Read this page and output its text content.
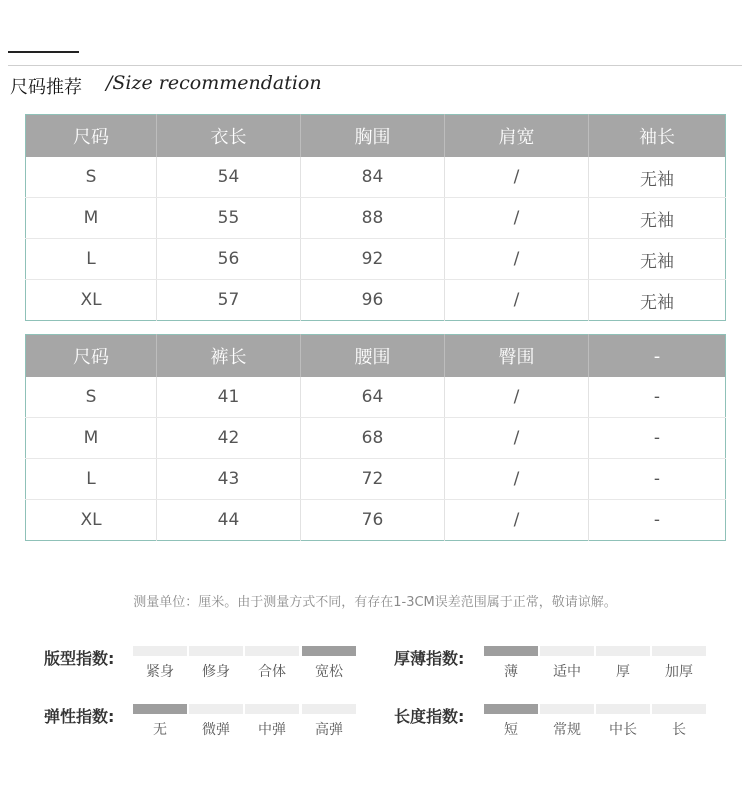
尺码推荐 /Size recommendation
尺码	衣长	胸围	肩宽	袖长
S	54	84	/	无袖
M	55	88	/	无袖
L	56	92	/	无袖
XL	57	96	/	无袖
尺码	裤长	腰围	臀围	-
S	41	64	/	-
M	42	68	/	-
L	43	72	/	-
XL	44	76	/	-
测量单位：厘米。由于测量方式不同，有存在1-3CM误差范围属于正常，敬请谅解。
版型指数:
紧身	修身	合体	宽松
厚薄指数:
薄	适中	厚	加厚
弹性指数:
无	微弹	中弹	高弹
长度指数:
短	常规	中长	长
